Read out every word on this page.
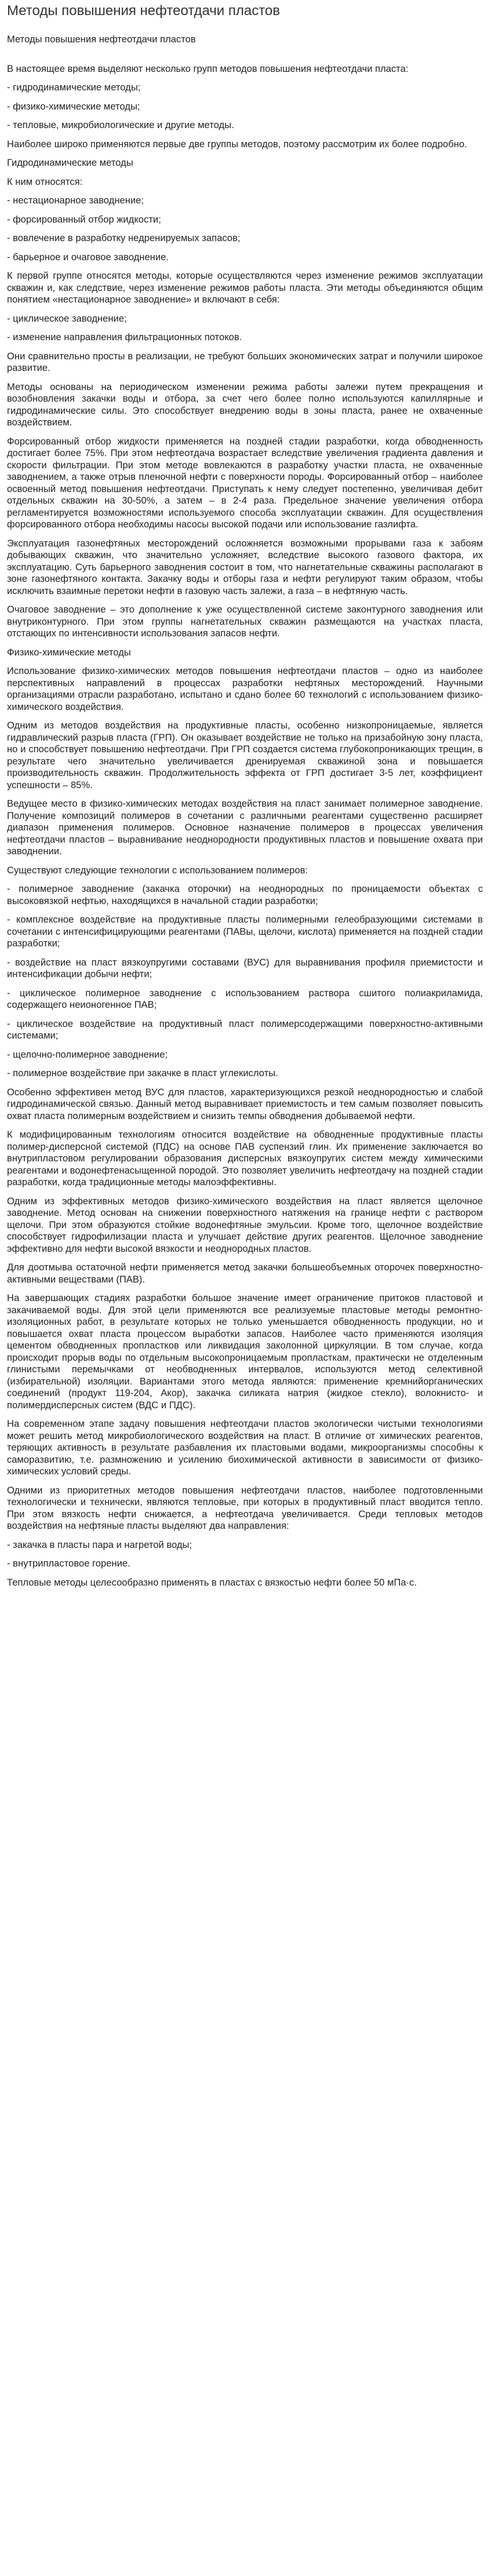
Методы повышения нефтеотдачи пластов

Методы повышения нефтеотдачи пластов

В настоящее время выделяют несколько групп методов повышения нефтеотдачи пласта:

- гидродинамические методы;

- физико-химические методы;

- тепловые, микробиологические и другие методы.

Наиболее широко применяются первые две группы методов, поэтому рассмотрим их более подробно.

Гидродинамические методы

К ним относятся:

- нестационарное заводнение;

- форсированный отбор жидкости;

- вовлечение в разработку недренируемых запасов;

- барьерное и очаговое заводнение.

К первой группе относятся методы, которые осуществляются через изменение режимов эксплуатации скважин и, как следствие, через изменение режимов работы пласта. Эти методы объединяются общим понятием «нестационарное заводнение» и включают в себя:

- циклическое заводнение;

- изменение направления фильтрационных потоков.

Они сравнительно просты в реализации, не требуют больших экономических затрат и получили широкое развитие.

Методы основаны на периодическом изменении режима работы залежи путем прекращения и возобновления закачки воды и отбора, за счет чего более полно используются капиллярные и гидродинамические силы. Это способствует внедрению воды в зоны пласта, ранее не охваченные воздействием.

Форсированный отбор жидкости применяется на поздней стадии разработки, когда обводненность достигает более 75%. При этом нефтеотдача возрастает вследствие увеличения градиента давления и скорости фильтрации. При этом методе вовлекаются в разработку участки пласта, не охваченные заводнением, а также отрыв пленочной нефти с поверхности породы. Форсированный отбор – наиболее освоенный метод повышения нефтеотдачи. Приступать к нему следует постепенно, увеличивая дебит отдельных скважин на 30-50%, а затем – в 2-4 раза. Предельное значение увеличения отбора регламентируется возможностями используемого способа эксплуатации скважин. Для осуществления форсированного отбора необходимы насосы высокой подачи или использование газлифта.

Эксплуатация газонефтяных месторождений осложняется возможными прорывами газа к забоям добывающих скважин, что значительно усложняет, вследствие высокого газового фактора, их эксплуатацию. Суть барьерного заводнения состоит в том, что нагнетательные скважины располагают в зоне газонефтяного контакта. Закачку воды и отборы газа и нефти регулируют таким образом, чтобы исключить взаимные перетоки нефти в газовую часть залежи, а газа – в нефтяную часть.

Очаговое заводнение – это дополнение к уже осуществленной системе законтурного заводнения или внутриконтурного. При этом группы нагнетательных скважин размещаются на участках пласта, отстающих по интенсивности использования запасов нефти.

Физико-химические методы

Использование физико-химических методов повышения нефтеотдачи пластов – одно из наиболее перспективных направлений в процессах разработки нефтяных месторождений. Научными организациями отрасли разработано, испытано и сдано более 60 технологий с использованием физико-химического воздействия.

Одним из методов воздействия на продуктивные пласты, особенно низкопроницаемые, является гидравлический разрыв пласта (ГРП). Он оказывает воздействие не только на призабойную зону пласта, но и способствует повышению нефтеотдачи. При ГРП создается система глубокопроникающих трещин, в результате чего значительно увеличивается дренируемая скважиной зона и повышается производительность скважин. Продолжительность эффекта от ГРП достигает 3-5 лет, коэффициент успешности – 85%.

Ведущее место в физико-химических методах воздействия на пласт занимает полимерное заводнение. Получение композиций полимеров в сочетании с различными реагентами существенно расширяет диапазон применения полимеров. Основное назначение полимеров в процессах увеличения нефтеотдачи пластов – выравнивание неоднородности продуктивных пластов и повышение охвата при заводнении.

Существуют следующие технологии с использованием полимеров:

- полимерное заводнение (закачка оторочки) на неоднородных по проницаемости объектах с высоковязкой нефтью, находящихся в начальной стадии разработки;

- комплексное воздействие на продуктивные пласты полимерными гелеобразующими системами в сочетании с интенсифицирующими реагентами (ПАВы, щелочи, кислота) применяется на поздней стадии разработки;

- воздействие на пласт вязкоупругими составами (ВУС) для выравнивания профиля приемистости и интенсификации добычи нефти;

- циклическое полимерное заводнение с использованием раствора сшитого полиакриламида, содержащего неионогенное ПАВ;

- циклическое воздействие на продуктивный пласт полимерсодержащими поверхностно-активными системами;

- щелочно-полимерное заводнение;

- полимерное воздействие при закачке в пласт углекислоты.

Особенно эффективен метод ВУС для пластов, характеризующихся резкой неоднородностью и слабой гидродинамической связью. Данный метод выравнивает приемистость и тем самым позволяет повысить охват пласта полимерным воздействием и снизить темпы обводнения добываемой нефти.

К модифицированным технологиям относится воздействие на обводненные продуктивные пласты полимер-дисперсной системой (ПДС) на основе ПАВ суспензий глин. Их применение заключается во внутрипластовом регулировании образования дисперсных вязкоупругих систем между химическими реагентами и водонефтенасыщенной породой. Это позволяет увеличить нефтеотдачу на поздней стадии разработки, когда традиционные методы малоэффективны.

Одним из эффективных методов физико-химического воздействия на пласт является щелочное заводнение. Метод основан на снижении поверхностного натяжения на границе нефти с раствором щелочи. При этом образуются стойкие водонефтяные эмульсии. Кроме того, щелочное воздействие способствует гидрофилизации пласта и улучшает действие других реагентов. Щелочное заводнение эффективно для нефти высокой вязкости и неоднородных пластов.

Для доотмыва остаточной нефти применяется метод закачки большеобъемных оторочек поверхностно-активными веществами (ПАВ).

На завершающих стадиях разработки большое значение имеет ограничение притоков пластовой и закачиваемой воды. Для этой цели применяются все реализуемые пластовые методы ремонтно-изоляционных работ, в результате которых не только уменьшается обводненность продукции, но и повышается охват пласта процессом выработки запасов. Наиболее часто применяются изоляция цементом обводненных пропластков или ликвидация заколонной циркуляции. В том случае, когда происходит прорыв воды по отдельным высокопроницаемым пропласткам, практически не отделенным глинистыми перемычками от необводненных интервалов, используются метод селективной (избирательной) изоляции. Вариантами этого метода являются: применение кремнийорганических соединений (продукт 119-204, Акор), закачка силиката натрия (жидкое стекло), волокнисто- и полимердисперсных систем (ВДС и ПДС).

На современном этапе задачу повышения нефтеотдачи пластов экологически чистыми технологиями может решить метод микробиологического воздействия на пласт. В отличие от химических реагентов, теряющих активность в результате разбавления их пластовыми водами, микроорганизмы способны к саморазвитию, т.е. размножению и усилению биохимической активности в зависимости от физико-химических условий среды.

Одними из приоритетных методов повышения нефтеотдачи пластов, наиболее подготовленными технологически и технически, являются тепловые, при которых в продуктивный пласт вводится тепло. При этом вязкость нефти снижается, а нефтеотдача увеличивается. Среди тепловых методов воздействия на нефтяные пласты выделяют два направления:

- закачка в пласты пара и нагретой воды;

- внутрипластовое горение.

Тепловые методы целесообразно применять в пластах с вязкостью нефти более 50 мПа·с.
